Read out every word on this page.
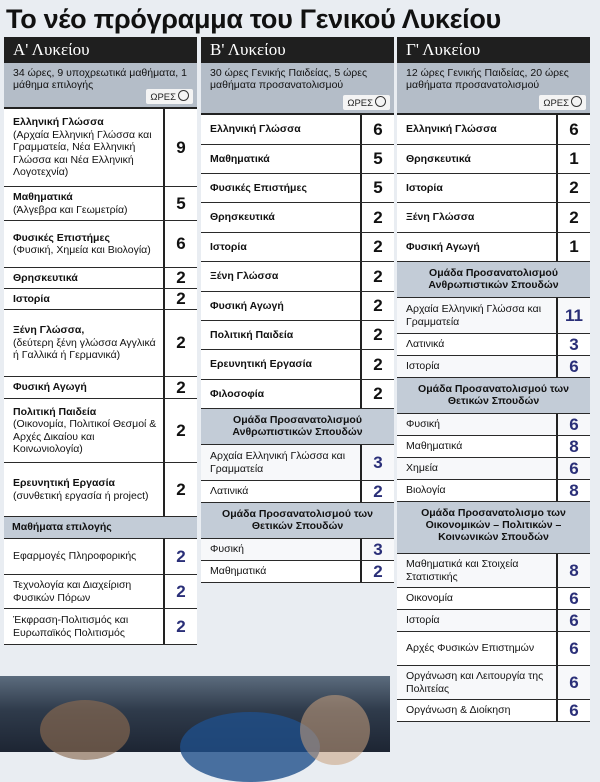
Το νέο πρόγραμμα του Γενικού Λυκείου
Α' Λυκείου
34 ώρες, 9 υποχρεωτικά μαθήματα, 1 μάθημα επιλογής
ΩΡΕΣ
Ελληνική Γλώσσα
(Αρχαία Ελληνική Γλώσσα και Γραμματεία, Νέα Ελληνική Γλώσσα και Νέα Ελληνική Λογοτεχνία)
9
Μαθηματικά
(Άλγεβρα και Γεωμετρία)	5
Φυσικές Επιστήμες
(Φυσική, Χημεία και Βιολογία)	6
Θρησκευτικά	2
Ιστορία	2
Ξένη Γλώσσα,
(δεύτερη ξένη γλώσσα Αγγλικά ή Γαλλικά ή Γερμανικά)
2
Φυσική Αγωγή	2
Πολιτική Παιδεία
(Οικονομία, Πολιτικοί Θεσμοί & Αρχές Δικαίου και Κοινωνιολογία)
2
Ερευνητική Εργασία
(συνθετική εργασία ή project)	2
Μαθήματα επιλογής
Εφαρμογές Πληροφορικής	2
Τεχνολογία και Διαχείριση Φυσικών Πόρων	2
Έκφραση-Πολιτισμός και Ευρωπαϊκός Πολιτισμός	2
Β' Λυκείου
30 ώρες Γενικής Παιδείας, 5 ώρες μαθήματα προσανατολισμού
ΩΡΕΣ
Ελληνική Γλώσσα	6
Μαθηματικά	5
Φυσικές Επιστήμες	5
Θρησκευτικά	2
Ιστορία	2
Ξένη Γλώσσα	2
Φυσική Αγωγή	2
Πολιτική Παιδεία	2
Ερευνητική Εργασία	2
Φιλοσοφία	2
Ομάδα Προσανατολισμού Ανθρωπιστικών Σπουδών
Αρχαία Ελληνική Γλώσσα και Γραμματεία	3
Λατινικά	2
Ομάδα Προσανατολισμού των Θετικών Σπουδών
Φυσική	3
Μαθηματικά	2
Γ' Λυκείου
12 ώρες Γενικής Παιδείας, 20 ώρες μαθήματα προσανατολισμού
ΩΡΕΣ
Ελληνική Γλώσσα	6
Θρησκευτικά	1
Ιστορία	2
Ξένη Γλώσσα	2
Φυσική Αγωγή	1
Ομάδα Προσανατολισμού Ανθρωπιστικών Σπουδών
Αρχαία Ελληνική Γλώσσα και Γραμματεία	11
Λατινικά	3
Ιστορία	6
Ομάδα Προσανατολισμού των Θετικών Σπουδών
Φυσική	6
Μαθηματικά	8
Χημεία	6
Βιολογία	8
Ομάδα Προσανατολισμο των Οικονομικών – Πολιτικών – Κοινωνικών Σπουδών
Μαθηματικά και Στοιχεία Στατιστικής	8
Οικονομία	6
Ιστορία	6
Αρχές Φυσικών Επιστημών	6
Οργάνωση και Λειτουργία της Πολιτείας	6
Οργάνωση & Διοίκηση	6
